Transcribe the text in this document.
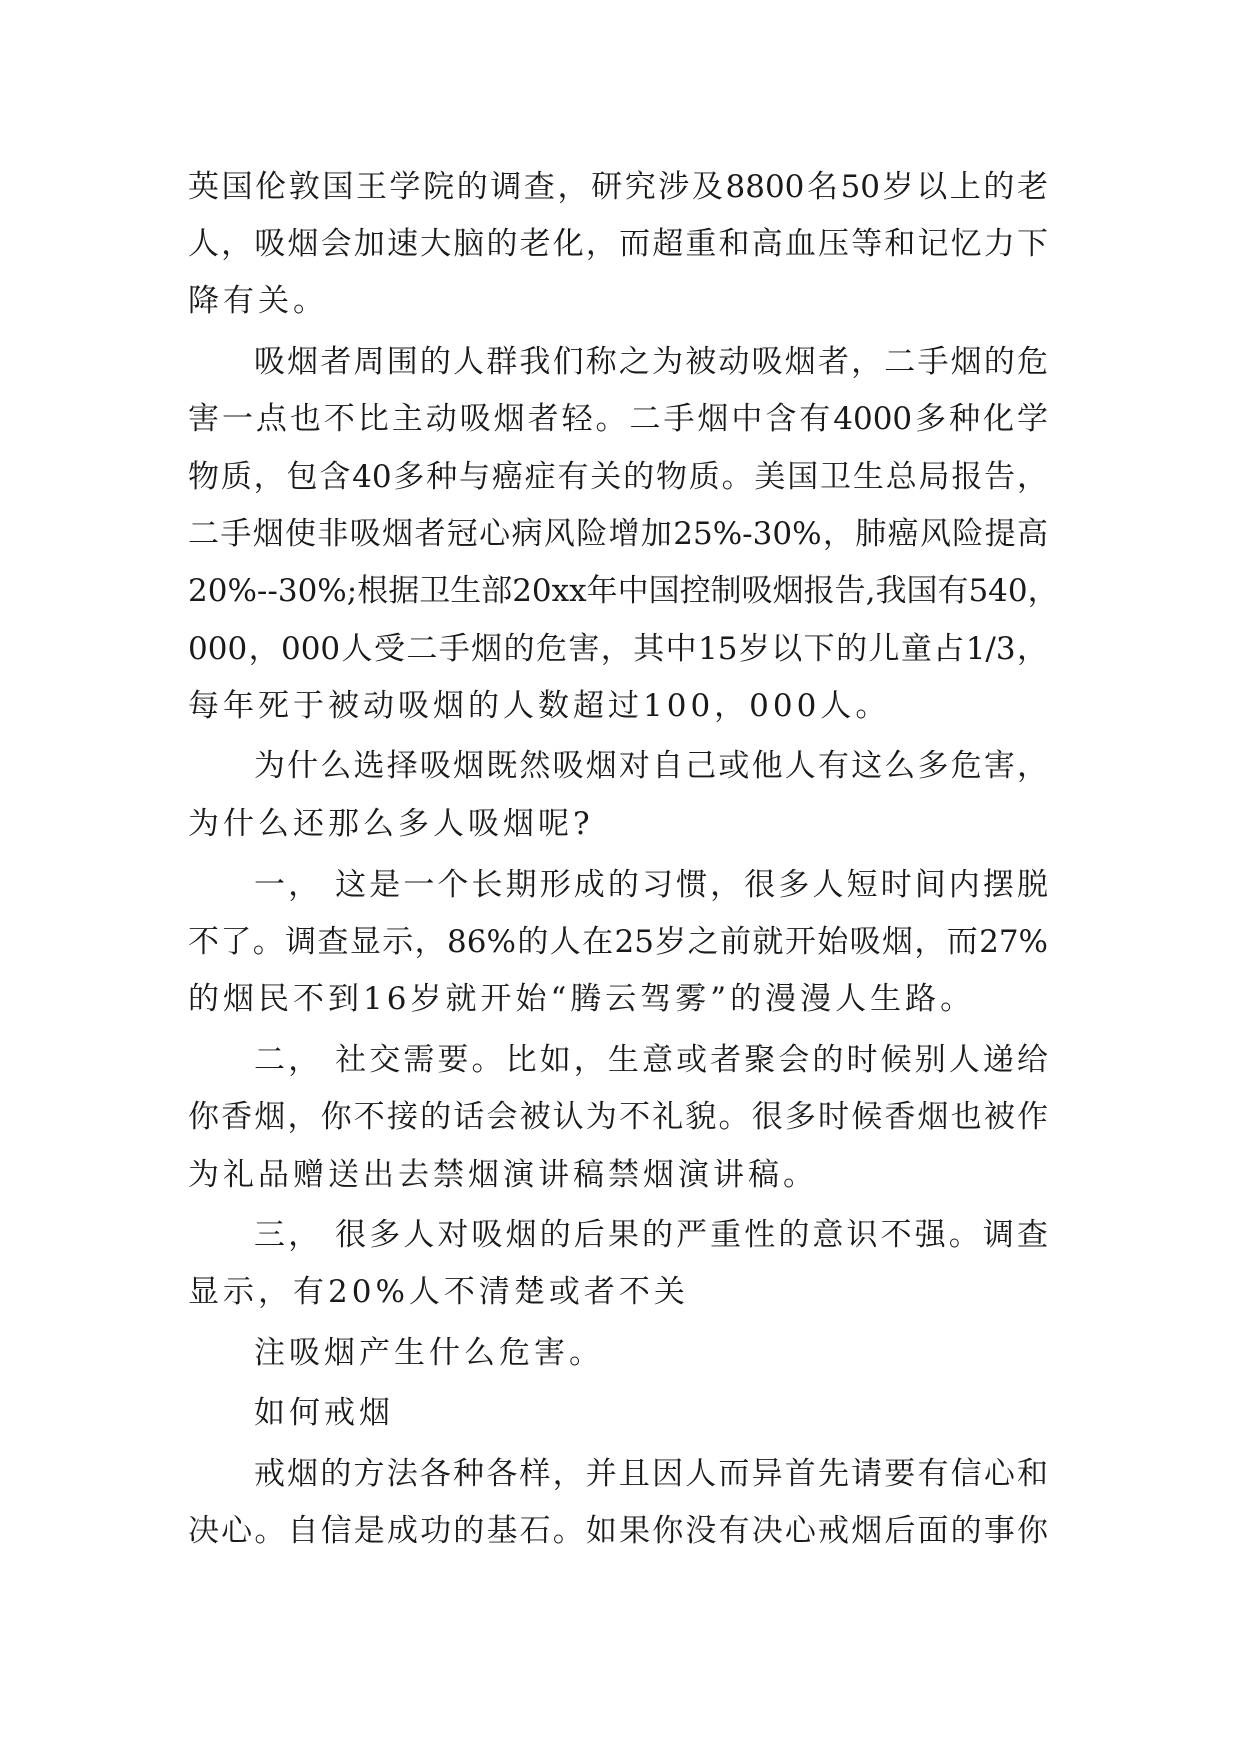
英国伦敦国王学院的调查，研究涉及8800名50岁以上的老

人，吸烟会加速大脑的老化，而超重和高血压等和记忆力下

降有关。

吸烟者周围的人群我们称之为被动吸烟者，二手烟的危

害一点也不比主动吸烟者轻。二手烟中含有4000多种化学

物质，包含40多种与癌症有关的物质。美国卫生总局报告，

二手烟使非吸烟者冠心病风险增加25%-30%，肺癌风险提高

20%--30%;根据卫生部20xx年中国控制吸烟报告,我国有540，

000，000人受二手烟的危害，其中15岁以下的儿童占1/3，

每年死于被动吸烟的人数超过100，000人。

为什么选择吸烟既然吸烟对自己或他人有这么多危害，

为什么还那么多人吸烟呢?

一， 这是一个长期形成的习惯，很多人短时间内摆脱

不了。调查显示，86%的人在25岁之前就开始吸烟，而27%

的烟民不到16岁就开始“腾云驾雾”的漫漫人生路。

二， 社交需要。比如，生意或者聚会的时候别人递给

你香烟，你不接的话会被认为不礼貌。很多时候香烟也被作

为礼品赠送出去禁烟演讲稿禁烟演讲稿。

三， 很多人对吸烟的后果的严重性的意识不强。调查

显示，有20%人不清楚或者不关

注吸烟产生什么危害。

如何戒烟

戒烟的方法各种各样，并且因人而异首先请要有信心和

决心。自信是成功的基石。如果你没有决心戒烟后面的事你
